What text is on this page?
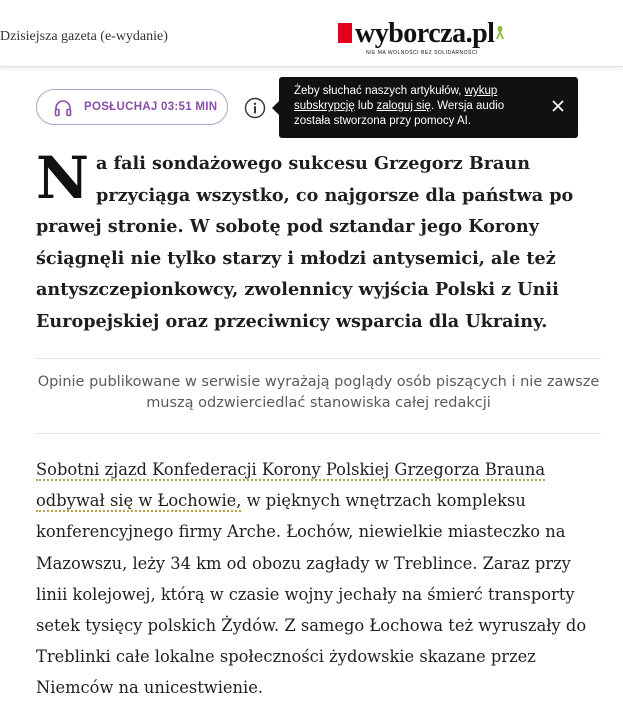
Dzisiejsza gazeta (e-wydanie)	wyborcza.pl
NIE MA WOLNOŚCI BEZ SOLIDARNOŚCI
POSŁUCHAJ 03:51 MIN
Żeby słuchać naszych artykułów, wykup subskrypcję lub zaloguj się. Wersja audio została stworzona przy pomocy AI.
Na fali sondażowego sukcesu Grzegorz Braun przyciąga wszystko, co najgorsze dla państwa po prawej stronie. W sobotę pod sztandar jego Korony ściągnęli nie tylko starzy i młodzi antysemici, ale też antyszczepionkowcy, zwolennicy wyjścia Polski z Unii Europejskiej oraz przeciwnicy wsparcia dla Ukrainy.
Opinie publikowane w serwisie wyrażają poglądy osób piszących i nie zawsze muszą odzwierciedlać stanowiska całej redakcji
Sobotni zjazd Konfederacji Korony Polskiej Grzegorza Brauna odbywał się w Łochowie, w pięknych wnętrzach kompleksu konferencyjnego firmy Arche. Łochów, niewielkie miasteczko na Mazowszu, leży 34 km od obozu zagłady w Treblince. Zaraz przy linii kolejowej, którą w czasie wojny jechały na śmierć transporty setek tysięcy polskich Żydów. Z samego Łochowa też wyruszały do Treblinki całe lokalne społeczności żydowskie skazane przez Niemców na unicestwienie.
